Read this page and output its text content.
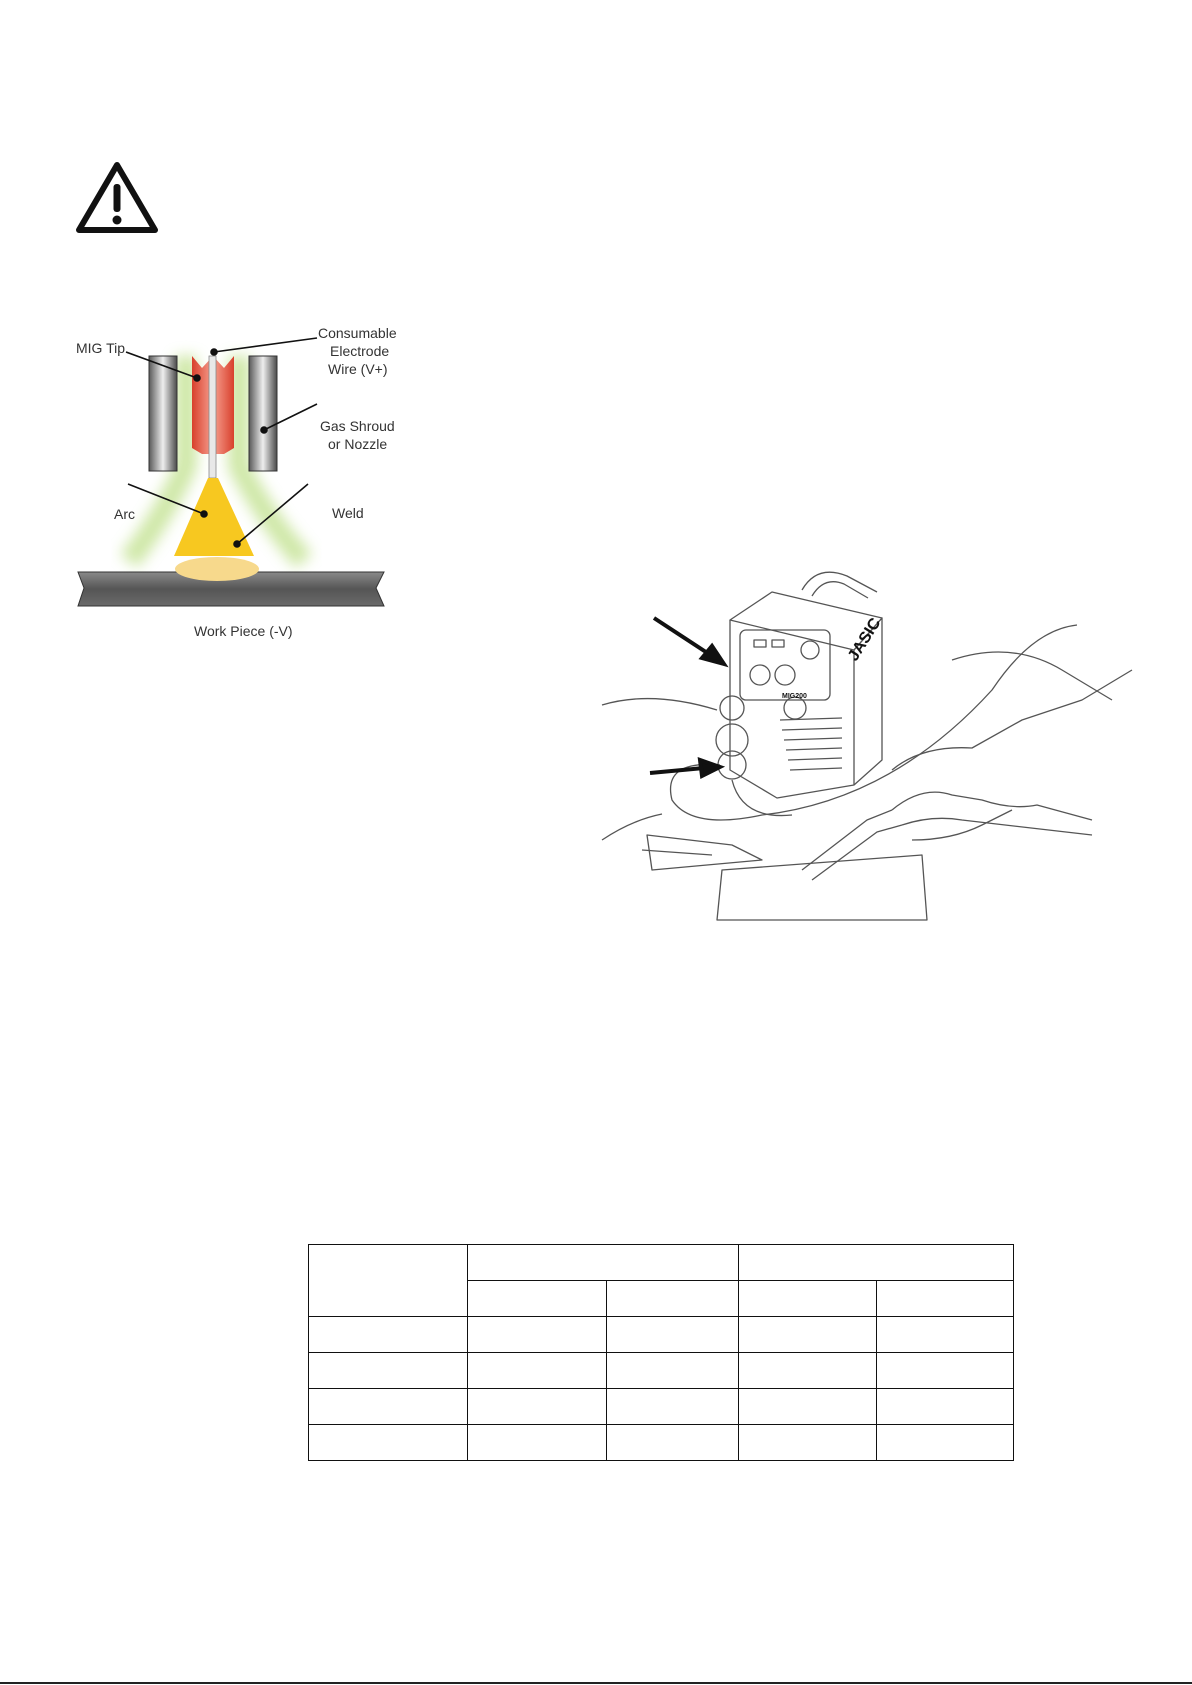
MIG Tip
Consumable
Electrode
Wire (V+)
Gas Shroud
or Nozzle
Arc	Weld
Work Piece (-V)	JASIC
MIG200
